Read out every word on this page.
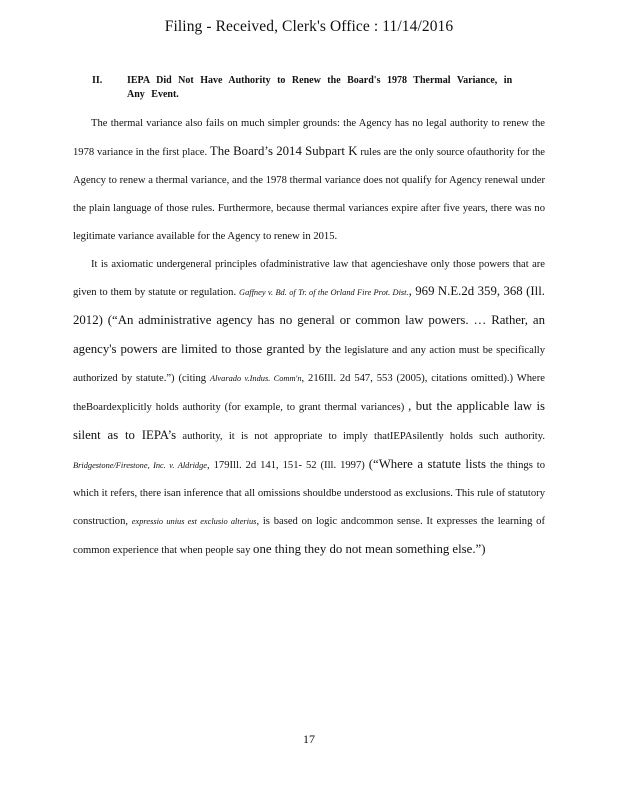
Filing - Received, Clerk's Office : 11/14/2016
II. IEPA Did Not Have Authority to Renew the Board's 1978 Thermal Variance, in Any Event.

The thermal variance also fails on much simpler grounds: the Agency has no legal authority to renew the 1978 variance in the first place. The Board’s 2014 Subpart K rules are the only source ofauthority for the Agency to renew a thermal variance, and the 1978 thermal variance does not qualify for Agency renewal under the plain language of those rules. Furthermore, because thermal variances expire after five years, there was no legitimate variance available for the Agency to renew in 2015.

It is axiomatic undergeneral principles ofadministrative law that agencieshave only those powers that are given to them by statute or regulation. Gaffney v. Bd. of Tr. of the Orland Fire Prot. Dist., 969 N.E.2d 359, 368 (Ill. 2012) (“An administrative agency has no general or common law powers. … Rather, an agency's powers are limited to those granted by the legislature and any action must be specifically authorized by statute.”) (citing Alvarado v.Indus. Comm'n, 216Ill. 2d 547, 553 (2005), citations omitted).) Where theBoardexplicitly holds authority (for example, to grant thermal variances) , but the applicable law is silent as to IEPA’s authority, it is not appropriate to imply thatIEPAsilently holds such authority. Bridgestone/Firestone, Inc. v. Aldridge, 179Ill. 2d 141, 151- 52 (Ill. 1997) (“Where a statute lists the things to which it refers, there isan inference that all omissions shouldbe understood as exclusions. This rule of statutory construction, expressio unius est exclusio alterius, is based on logic andcommon sense. It expresses the learning of common experience that when people say one thing they do not mean something else.”)

17
